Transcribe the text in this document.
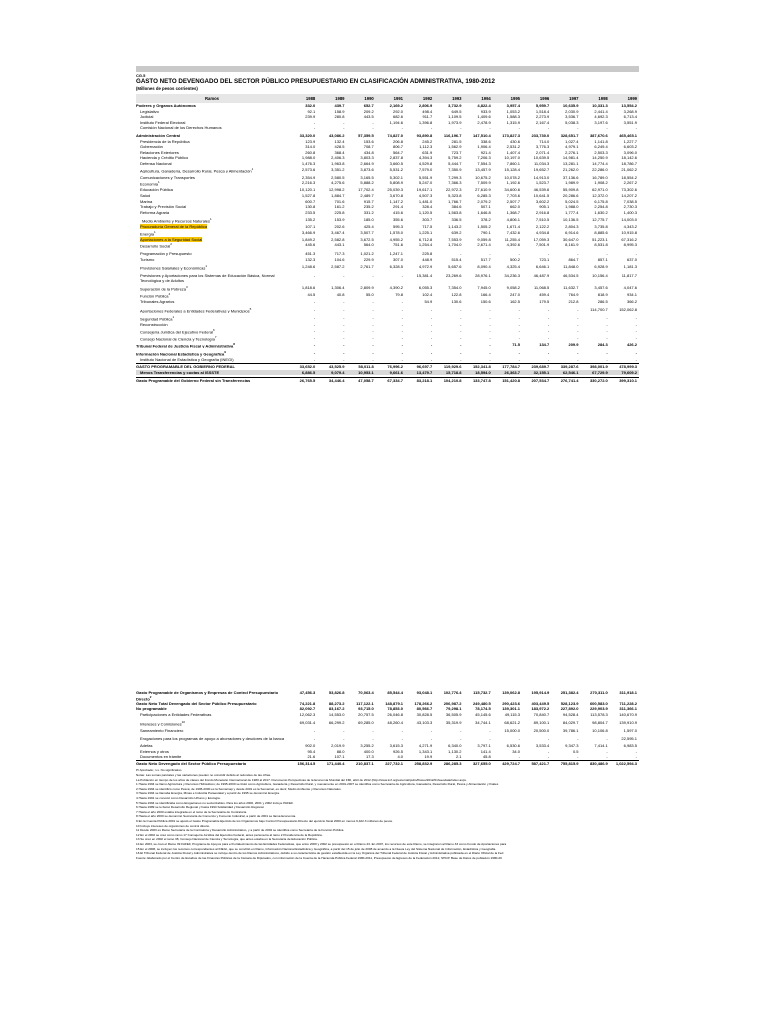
CG.5
GASTO NETO DEVENGADO DEL SECTOR PÚBLICO PRESUPUESTARIO EN CLASIFICACIÓN ADMINISTRATIVA, 1980-2012
(Millones de pesos corrientes)
Ramos	1988	1989	1990	1991	1992	1993	1994	1995	1996	1997	1998	1999
Poderes y Organos Autónomos	332.0	439.7	652.7	2,169.2	2,806.9	3,732.9	4,822.4	3,957.4	5,959.7	10,635.9	10,331.3	13,554.2
Legislativo	92.1	158.9	209.2	292.0	498.4	649.5	933.9	1,053.2	1,518.4	2,030.9	2,441.4	3,268.9
Judicial	239.9	280.8	443.5	682.6	911.7	1,109.5	1,409.6	1,588.3	2,273.9	3,536.7	4,692.3	6,713.4
Instituto Federal Electoral	-	-	-	1,194.6	1,396.8	1,973.9	2,478.9	1,315.9	2,167.4	5,038.3	3,197.6	3,551.9
Comisión Nacional de los Derechos Humanos	-	-	-	-	-	-	-	-	-	-	-	-
Administración Central	33,320.0	43,086.2	57,359.5	74,827.0	93,890.8	116,196.7	147,510.4	173,827.3	233,730.0	328,651.7	387,670.6	465,465.1
Presidencia de la República	123.9	132.4	153.6	206.8	245.2	281.5	338.6	430.6	714.0	1,027.4	1,141.8	1,227.7
Gobernación	314.0	428.5	708.7	806.7	1,112.3	1,562.9	1,906.4	2,531.2	3,776.3	4,979.1	6,249.4	6,603.2
Relaciones Exteriores	260.8	368.4	434.8	564.7	631.9	723.7	921.4	1,407.4	2,071.4	2,276.1	2,503.3	3,096.0
Hacienda y Crédito Público	1,988.0	2,406.3	3,803.3	2,837.8	4,394.3	5,759.2	7,206.3	10,197.0	10,639.5	14,981.4	14,250.9	18,142.6
Defensa Nacional	1,476.3	1,963.8	2,664.9	3,660.5	4,529.8	5,444.7	7,554.3	7,860.1	11,034.3	13,281.1	14,774.4	18,786.7
Agricultura, Ganadería, Desarrollo Rural, Pesca y Alimentación$^1$	2,573.6	3,351.2	3,873.6	5,531.2	7,579.0	7,350.9	13,457.9	15,128.4	19,652.7	21,262.0	22,286.0	21,062.2
Comunicaciones y Transportes	2,354.9	2,580.5	3,165.5	5,302.1	5,551.9	7,299.3	10,675.2	10,078.2	14,913.0	37,136.6	16,789.0	18,554.2
Economía$^1$	2,216.3	4,275.6	5,888.2	5,808.9	5,247.0	7,366.3	7,509.9	1,192.6	1,523.7	1,989.9	1,908.2	2,267.2
Educación Pública	10,120.1	12,998.2	17,702.4	25,039.3	19,617.1	22,972.3	27,610.9	34,600.6	46,539.6	55,909.8	62,971.0	73,302.6
Salud	1,527.8	1,884.7	2,489.7	3,670.8	4,507.3	5,323.8	6,285.3	7,703.6	10,641.5	20,286.6	12,372.0	14,207.2
Marina	600.7	701.6	915.7	1,147.2	1,481.0	1,766.7	2,079.2	2,507.7	3,602.2	5,024.5	6,175.8	7,038.5
Trabajo y Previsión Social	130.8	161.2	235.2	291.4	328.4	384.6	507.1	662.0	905.1	1,988.0	2,254.8	2,730.3
Reforma Agraria	233.5	225.8	331.2	415.6	1,120.5	1,563.8	1,646.8	1,368.7	2,916.8	1,777.4	1,630.2	1,400.3
Medio Ambiente y Recursos Naturales$^1$	135.2	153.9	185.0	355.6	303.7	336.5	378.2	4,806.1	7,510.5	10,136.5	12,775.7	14,003.0
Procuraduría General de la República	107.1	202.6	425.4	595.3	717.5	1,143.2	1,505.2	1,671.4	2,122.2	2,804.3	3,735.8	4,343.2
Energía$^1$	3,466.9	3,467.4	3,507.7	1,578.0	1,225.1	639.2	790.1	7,432.6	4,934.8	6,914.6	8,885.6	10,915.8
Aportaciones a la Seguridad Social	1,849.2	2,582.8	3,672.5	4,955.2	6,712.8	7,553.9	9,059.8	11,255.4	17,059.3	30,647.0	51,223.1	67,316.2
Desarrollo Social$^2$	445.6	443.1	564.0	751.6	1,254.4	1,704.0	2,671.4	4,392.6	7,501.9	8,161.9	8,531.8	8,995.3
Programación y Presupuesto	451.3	717.3	1,021.2	1,247.1	225.8	-	-	-	-	-	-	-
Turismo	132.3	104.6	229.9	307.0	448.9	515.4	517.7	500.2	723.1	864.7	857.1	637.0
Provisiones Salariales y Económicas$^1$	1,248.6	2,587.2	2,761.7	6,328.5	4,972.9	5,657.6	8,090.4	4,325.4	6,646.1	11,848.0	6,928.9	1,181.3
Previsiones y Aportaciones para los Sistemas de Educación Básica, Normal Tecnológica y de Adultos
-	-	-	-	15,381.4	23,269.6	28,976.1	34,236.3	46,487.9	46,534.5	10,156.4	11,817.7
Superación de la Pobreza$^3$	1,818.6	1,306.4	2,809.9	4,390.2	6,055.3	7,354.0	7,945.0	9,058.2	11,068.5	11,632.7	3,457.6	4,047.6
Función Pública$^4$	44.5	40.8	55.0	79.8	102.4	122.8	166.4	247.0	459.4	764.9	818.9	934.1
Tribunales Agrarios	-	-	-	-	54.9	130.6	150.6	162.5	179.5	212.8	286.5	366.2
Aportaciones Federales a Entidades Federativas y Municipios$^5$	-	-	-	-	-	-	-	-	-	-	114,700.7	152,062.8
Seguridad Pública$^1$	-	-	-	-	-	-	-	-	-	-	-	-
Reconstrucción	-	-	-	-	-	-	-	-	-	-	-	-
Consejería Jurídica del Ejecutivo Federal$^6$	-	-	-	-	-	-	-	-	-	-	-	-
Consejo Nacional de Ciencia y Tecnología$^7$	-	-	-	-	-	-	-	-	-	-	-	-
Tribunal Federal de Justicia Fiscal y Administrativa$^8$	-	-	-	-	-	-	-	71.5	134.7	209.9	284.3	426.2
Información Nacional Estadística y Geografica$^9$	-	-	-	-	-	-	-	-	-	-	-	-
Instituto Nacional de Estadística y Geografía (INEGI)	-	-	-	-	-	-	-	-	-	-	-	-
GASTO PROGRAMABLE DEL GOBIERNO FEDERAL	33,652.0	43,525.9	58,011.8	76,996.2	96,697.7	119,929.6	152,341.8	177,784.7	239,689.7	339,287.6	398,001.9	478,999.3
Menos Transferencias y cuotas al ISSSTE	6,886.5	9,079.4	10,953.1	9,661.6	13,479.7	15,718.8	18,594.0	26,363.7	32,155.1	62,546.1	67,729.9	79,609.2
Gasto Programable del Gobierno Federal sin Transferencias	26,765.5	34,446.4	47,058.7	67,334.7	83,218.1	104,210.8	133,747.8	151,420.8	207,534.7	276,741.4	330,272.0	399,310.1
Gasto Programable de Organismos y Empresas de Control Presupuestario Directo$^2$
47,456.3	53,826.8	70,063.4	85,544.4	93,048.1	102,776.4	115,732.7	139,062.8	195,914.9	251,382.4	270,311.0	311,918.1
Gasto Neto Total Devengado del Sector Público Presupuestario	74,221.8	88,273.2	117,122.1	148,879.1	178,266.2	206,987.2	249,480.5	290,423.6	403,449.5	528,123.9	600,583.0	711,228.2
No programable	82,092.7	83,167.2	93,715.0	78,853.0	80,566.7	79,298.1	78,174.5	139,301.1	183,972.2	227,892.0	229,903.9	311,366.1
Participaciones a Entidades Federativas	12,062.3	14,553.0	20,757.5	26,046.8	30,828.5	36,505.9	45,145.6	49,115.3	70,840.7	94,528.4	113,578.3	140,670.9
Intereses y Comisiones$^{10}$	69,031.4	66,299.2	69,285.0	48,260.4	43,103.3	35,319.9	34,744.1	68,621.2	89,100.1	84,029.7	98,804.7	139,910.9
Saneamiento Financiero	-	-	-	-	-	-	-	15,000.0	20,500.0	39,786.1	10,106.8	1,597.0
Erogaciones para los programas de apoyo a ahorradores y deudores de la banca	-	-	-	-	-	-	-	-	-	-	-	22,595.1
Adefas	902.0	2,019.9	3,255.2	3,615.3	4,271.9	6,340.0	3,797.1	6,530.6	3,533.4	9,347.3	7,414.1	6,983.5
Externos y otros	95.4	88.0	400.0	926.5	1,343.1	1,130.2	141.4	34.0	-	0.5	-	-
Documentos en trámite	21.6	107.1	17.3	4.0	19.9	2.1	45.8	-	-	-	-	-
Gasto Neto Devengado del Sector Público Presupuestario	156,314.5	171,440.4	210,837.1	227,732.1	258,832.9	286,285.3	327,655.0	429,724.7	587,421.7	755,815.9	830,486.9	1,022,594.3
P/ Aprobado; n.s. No significativo.
Notas: Las sumas parciales y las variaciones pueden no coincidir debido al redondeo de las cifras.
La Población en tiempo de los años de clases del Fondo Monetario Internacional de 1980 al 2017. Documento Perspectivas de la Economía Mundial del FMI, abril de 2012 (http://www.imf.org/external/pubs/ft/weo/2012/01/weodata/index.aspx.
1 Hasta 1994 se llamó Agricultura y Recursos Hidráulicos; de 1995-2000 se tituló como Agricultura, Ganadería y Desarrollo Rural, y nuevamente en 2001-2007 se identifica como Secretaría de Agricultura, Ganadería, Desarrollo Rural, Pesca y Alimentación y finales
2 Hasta 1994 se identificó como Pesca; de 1995-2000 es la Semarnap y desde 2001 es la Semarnat, es decir, Medio Ambiente y Recursos Naturales.
3 Hasta 1994 se llamaba Energía, Minas e Industria Paraestatal y a partir de 1995 se denominó Energía.
4 Hasta 1991 se conoció como Desarrollo Urbano y Ecología.
5 Hasta 1994 se identificaba como Erogaciones no sectorizables. Para los años 2000, 2001 y 2002 incluye PAFEF.
6 Hasta 1989 se le llamó Desarrollo Regional y hasta 1994 Solidaridad y Desarrollo Regional.
7 Hasta el año 2000 estaba integrada en el ramo de la Secretaría de Contraloría.
8 Hasta el año 2000 se denominó Secretaría de Comercio y Fomento Industrial, a partir de 2001 se llama Economía.
9 En la Cuenta Pública 2001 se ajustó el Gasto Programable Ejercido de los Organismos bajo Control Presupuestario Directo del ejercicio fiscal 2000 en menos 9,422.3 millones de pesos.
10 Incluye intereses de organismos de control directo.
11 Desde 2003 es Ramo Secretaría de la Contraloría y Desarrollo Administrativo, y a partir de 2004 se identifica como Secretaría de la Función Pública.
12 En el 2002 se creó como ramo 17 Consejería Jurídica del Ejecutivo Federal, antes pertenecía al ramo 2 Presidencia de la República.
13 Se creó en 2002 el ramo 38, Consejo Nacional de Ciencia y Tecnología, que antes estaba en la Secretaría de Educación Pública.
14 En 2003, se creó el Ramo 39 FAFEF, Programa de Apoyos para el Fortalecimiento de las Entidades Federativas, que entre 2000 y 2002 se presupuestó en el Ramo 23. En 2007, los recursos de este Ramo, se integraron al Ramo 33 como Fondo de Aportaciones para
15 En el 2008, se incluyen los recursos correspondientes al INEGI, que se convirtió en Ramo, Información Nacional Estadística y Geográfica, a partir del 15 de julio de 2008 de acuerdo a la Nueva Ley del Sistema Nacional de Información, Estadística y Geografía.
16 El Tribunal Federal de Justicia Fiscal y Administrativa se incluye dentro de los Ramos Administrativos, debido a su característica de gestión establecida en la Ley Orgánica del Tribunal Federal de Justicia Fiscal y Administrativa publicada en el Diario Oficial de la Fed
Fuente: Elaborado por el Centro de Estudios de las Finanzas Públicas de la Cámara de Diputados, con información de la Cuenta de la Hacienda Pública Federal 1980-2011, Presupuesto de Egresos de la Federación 2012, SHCP. Base de Datos de población 1980-20
